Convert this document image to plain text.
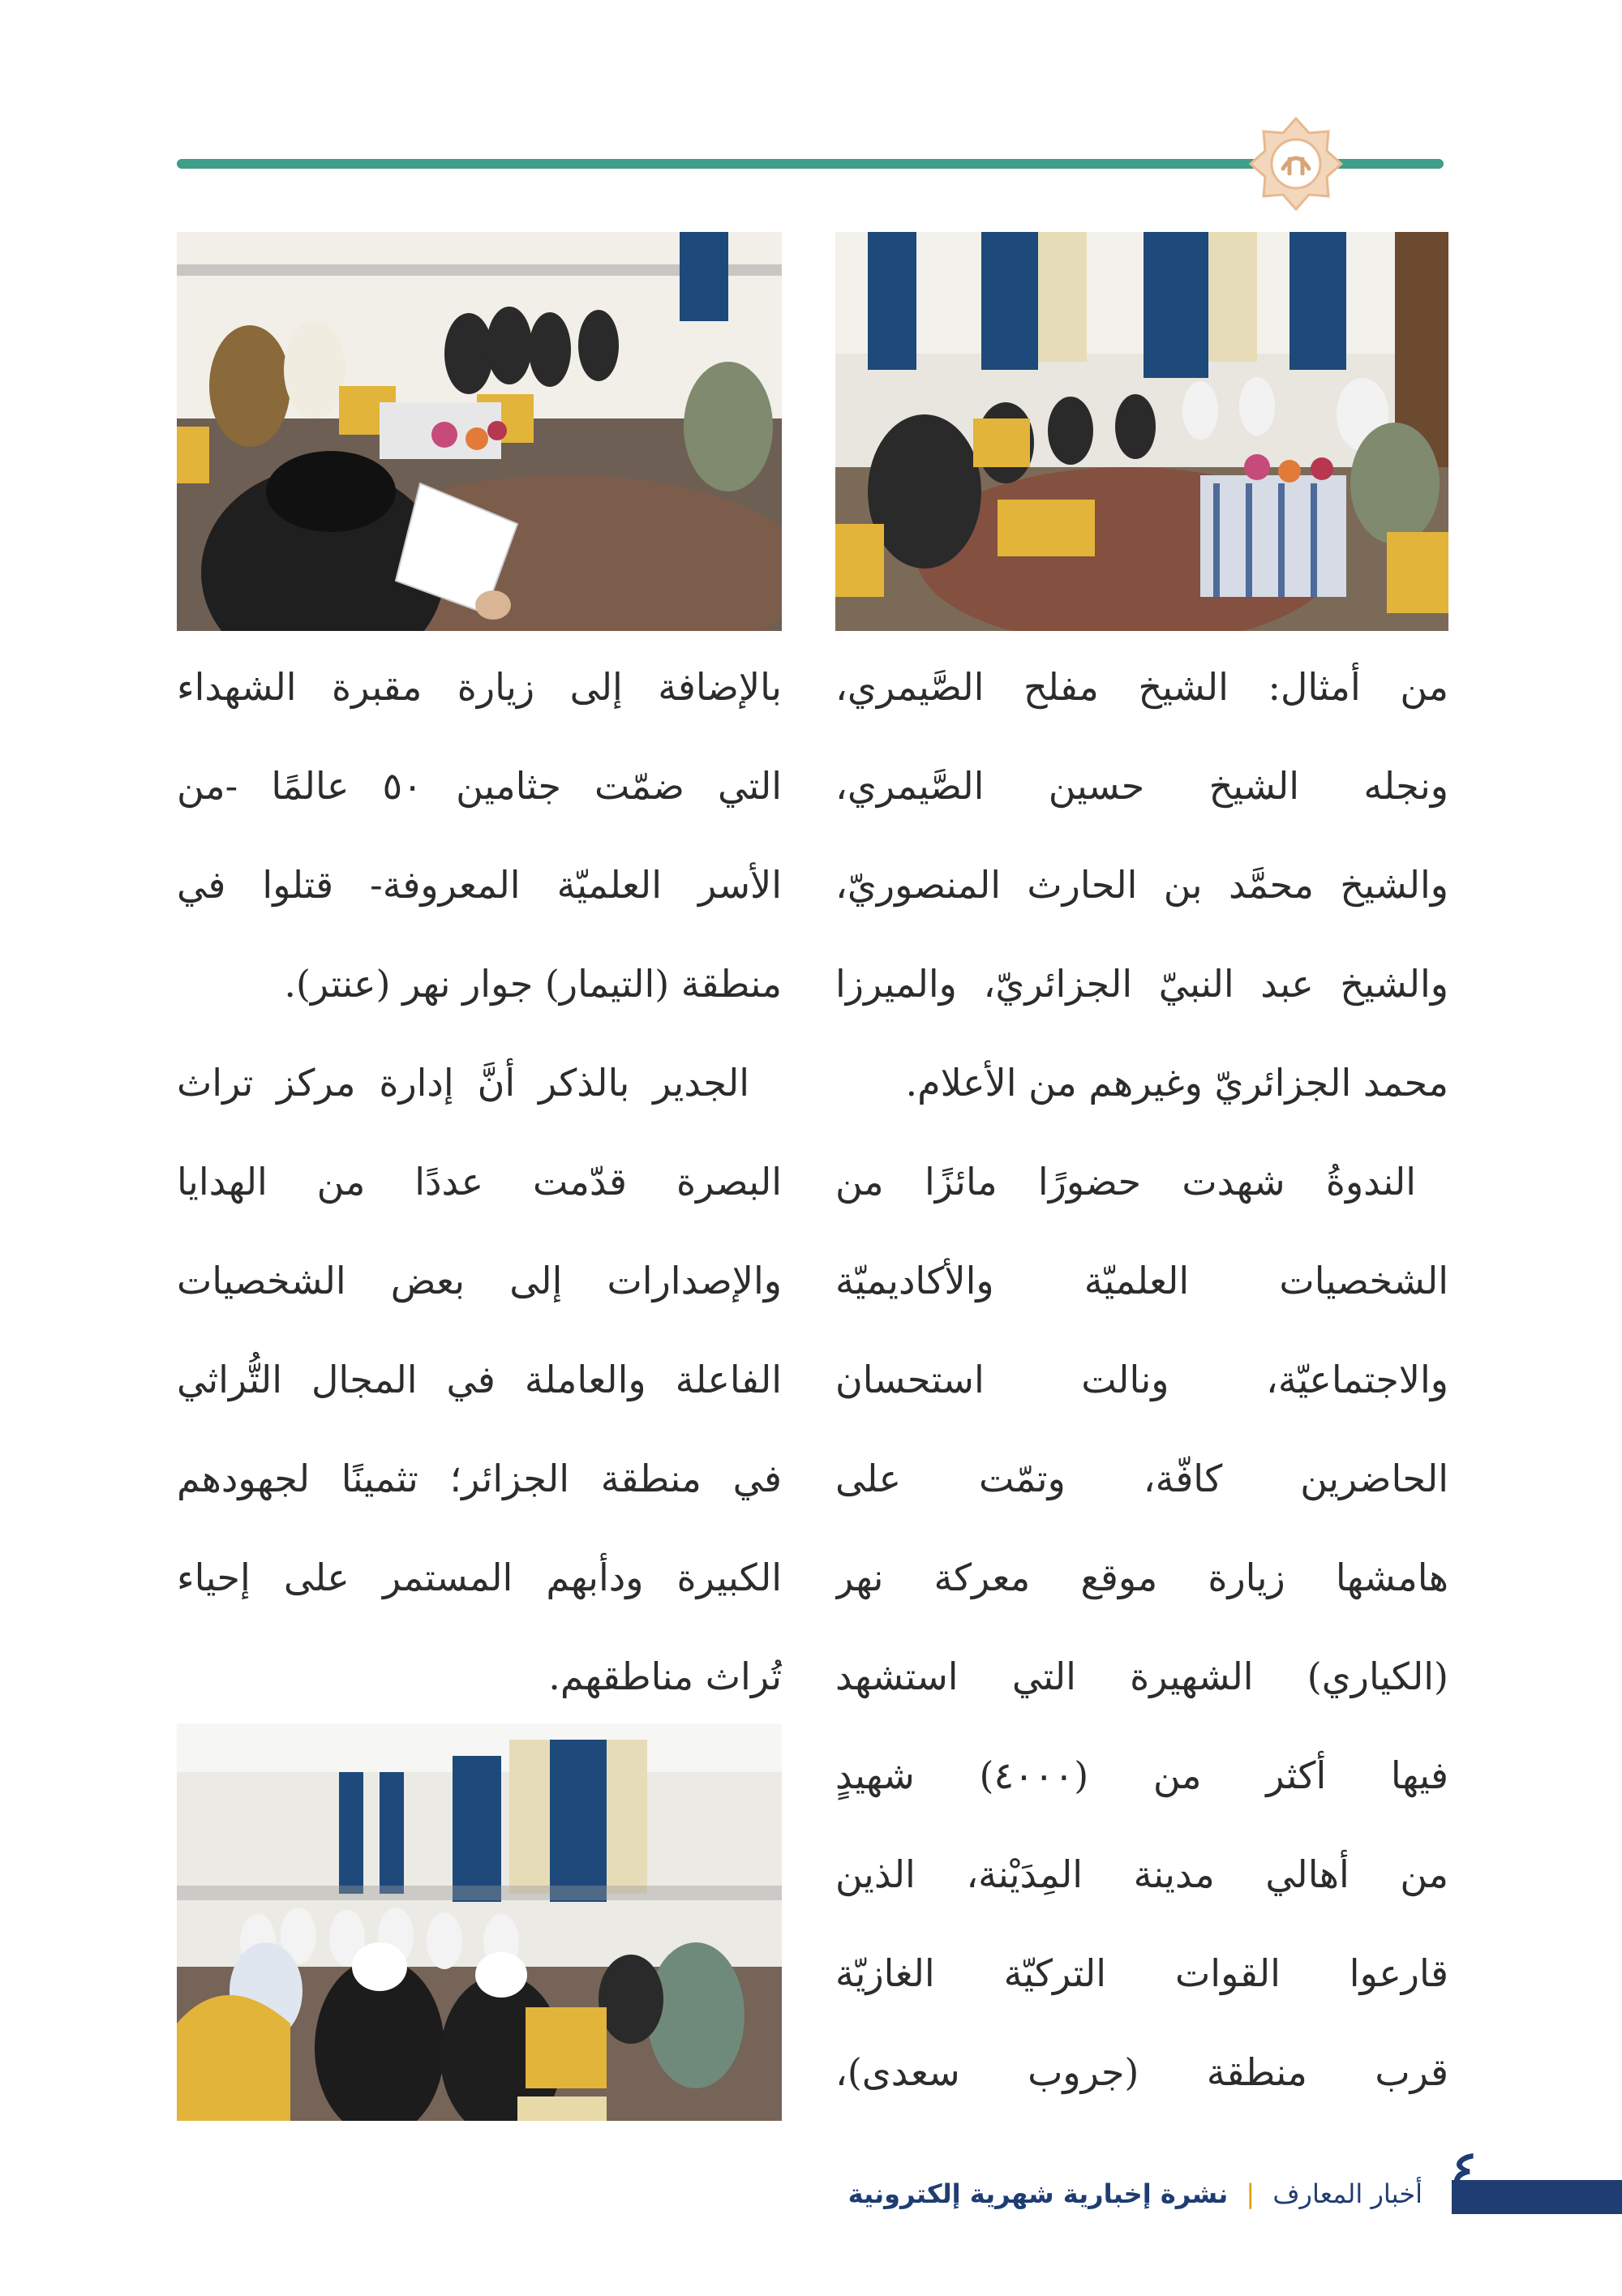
من أمثال: الشيخ مفلح الصَّيمري،
ونجله الشيخ حسين الصَّيمري،
والشيخ محمَّد بن الحارث المنصوريّ،
والشيخ عبد النبيّ الجزائريّ، والميرزا
محمد الجزائريّ وغيرهم من الأعلام.
الندوةُ شهدت حضورًا مائزًا من
الشخصيات العلميّة والأكاديميّة
والاجتماعيّة، ونالت استحسان
الحاضرين كافّة، وتمّت على
هامشها زيارة موقع معركة نهر
(الكياري) الشهيرة التي استشهد
فيها أكثر من (٤٠٠٠) شهيدٍ
من أهالي مدينة المِدَيْنة، الذين
قارعوا القوات التركيّة الغازيّة
قرب منطقة (جروب سعدى)،
بالإضافة إلى زيارة مقبرة الشهداء
التي ضمّت جثامين ٥٠ عالمًا -من
الأسر العلميّة المعروفة- قتلوا في
منطقة (التيمار) جوار نهر (عنتر).
الجدير بالذكر أنَّ إدارة مركز تراث
البصرة قدّمت عددًا من الهدايا
والإصدارات إلى بعض الشخصيات
الفاعلة والعاملة في المجال التُّراثي
في منطقة الجزائر؛ تثمينًا لجهودهم
الكبيرة ودأبهم المستمر على إحياء
تُراث مناطقهم.
٤
أخبار المعارف | نشرة إخبارية شهرية إلكترونية
